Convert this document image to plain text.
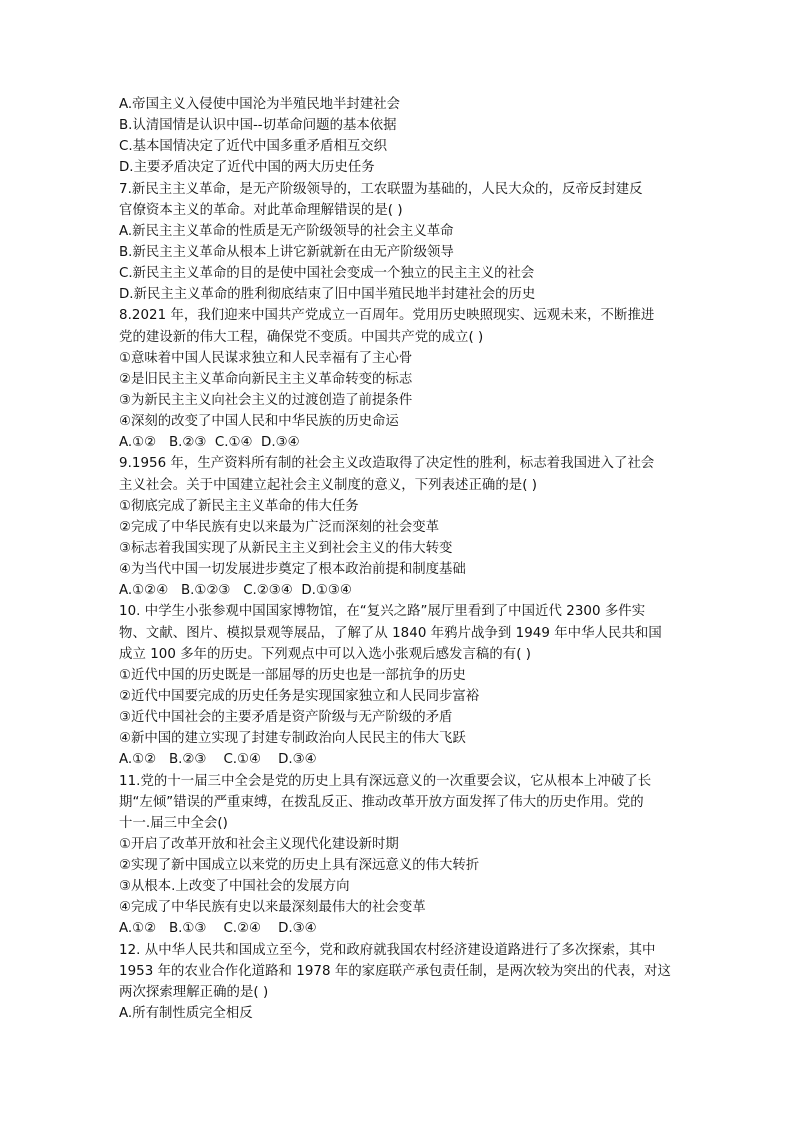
A.帝国主义入侵使中国沦为半殖民地半封建社会
B.认清国情是认识中国--切革命问题的基本依据
C.基本国情决定了近代中国多重矛盾相互交织
D.主要矛盾决定了近代中国的两大历史任务
7.新民主主义革命，是无产阶级领导的，工农联盟为基础的，人民大众的，反帝反封建反
官僚资本主义的革命。对此革命理解错误的是( )
A.新民主主义革命的性质是无产阶级领导的社会主义革命
B.新民主主义革命从根本上讲它新就新在由无产阶级领导
C.新民主主义革命的目的是使中国社会变成一个独立的民主主义的社会
D.新民主主义革命的胜利彻底结束了旧中国半殖民地半封建社会的历史
8.2021 年，我们迎来中国共产党成立一百周年。党用历史映照现实、远观未来，不断推进
党的建设新的伟大工程，确保党不变质。中国共产党的成立( )
①意味着中国人民谋求独立和人民幸福有了主心骨
②是旧民主主义革命向新民主主义革命转变的标志
③为新民主主义向社会主义的过渡创造了前提条件
④深刻的改变了中国人民和中华民族的历史命运
A.①②   B.②③  C.①④  D.③④
9.1956 年，生产资料所有制的社会主义改造取得了决定性的胜利，标志着我国进入了社会
主义社会。关于中国建立起社会主义制度的意义，下列表述正确的是( )
①彻底完成了新民主主义革命的伟大任务
②完成了中华民族有史以来最为广泛而深刻的社会变革
③标志着我国实现了从新民主主义到社会主义的伟大转变
④为当代中国一切发展进步奠定了根本政治前提和制度基础
A.①②④   B.①②③   C.②③④  D.①③④
10. 中学生小张参观中国国家博物馆，在“复兴之路”展厅里看到了中国近代 2300 多件实
物、文献、图片、模拟景观等展品，了解了从 1840 年鸦片战争到 1949 年中华人民共和国
成立 100 多年的历史。下列观点中可以入选小张观后感发言稿的有( )
①近代中国的历史既是一部屈辱的历史也是一部抗争的历史
②近代中国要完成的历史任务是实现国家独立和人民同步富裕
③近代中国社会的主要矛盾是资产阶级与无产阶级的矛盾
④新中国的建立实现了封建专制政治向人民民主的伟大飞跃
A.①②   B.②③    C.①④    D.③④
11.党的十一届三中全会是党的历史上具有深远意义的一次重要会议，它从根本上冲破了长
期“左倾”错误的严重束缚，在拨乱反正、推动改革开放方面发挥了伟大的历史作用。党的
十一.届三中全会()
①开启了改革开放和社会主义现代化建设新时期
②实现了新中国成立以来党的历史上具有深远意义的伟大转折
③从根本.上改变了中国社会的发展方向
④完成了中华民族有史以来最深刻最伟大的社会变革
A.①②   B.①③    C.②④    D.③④
12. 从中华人民共和国成立至今，党和政府就我国农村经济建设道路进行了多次探索，其中
1953 年的农业合作化道路和 1978 年的家庭联产承包责任制，是两次较为突出的代表，对这
两次探索理解正确的是( )
A.所有制性质完全相反
